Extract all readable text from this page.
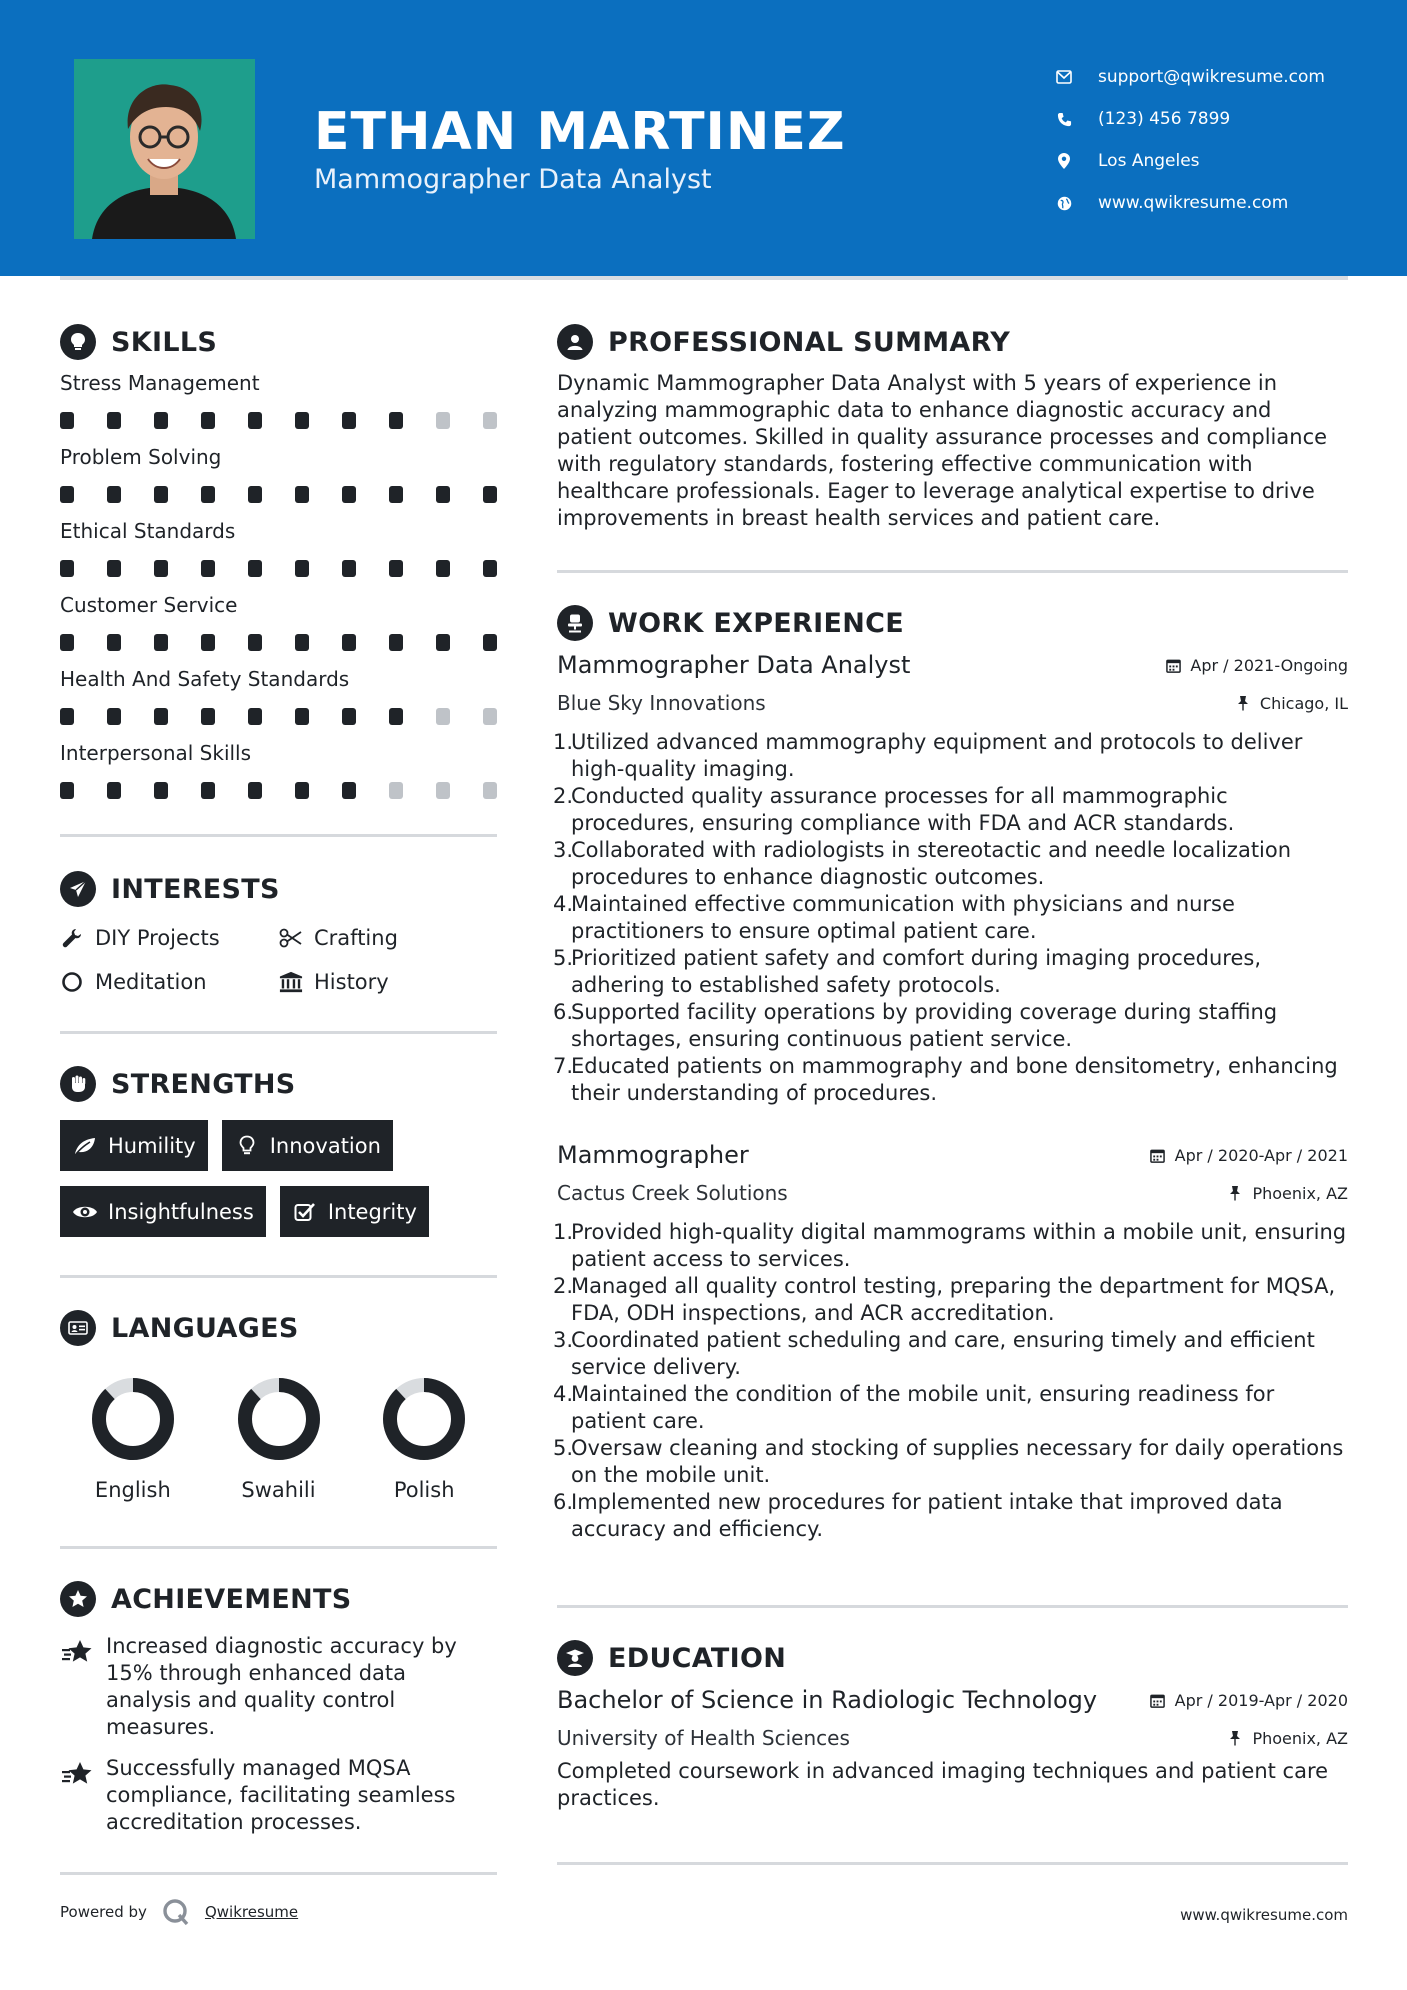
ETHAN MARTINEZ
Mammographer Data Analyst
support@qwikresume.com
(123) 456 7899
Los Angeles
www.qwikresume.com
SKILLS
Stress Management
Problem Solving
Ethical Standards
Customer Service
Health And Safety Standards
Interpersonal Skills
INTERESTS
DIY Projects	Crafting
Meditation	History
STRENGTHS
Humility	Innovation
Insightfulness	Integrity
LANGUAGES
English	Swahili	Polish
ACHIEVEMENTS
Increased diagnostic accuracy by 15% through enhanced data analysis and quality control measures.
Successfully managed MQSA compliance, facilitating seamless accreditation processes.
PROFESSIONAL SUMMARY

Dynamic Mammographer Data Analyst with 5 years of experience in analyzing mammographic data to enhance diagnostic accuracy and patient outcomes. Skilled in quality assurance processes and compliance with regulatory standards, fostering effective communication with healthcare professionals. Eager to leverage analytical expertise to drive improvements in breast health services and patient care.

WORK EXPERIENCE
Mammographer Data Analyst	Apr / 2021-Ongoing
Blue Sky Innovations	Chicago, IL
1.
Utilized advanced mammography equipment and protocols to deliver high-quality imaging.
2.
Conducted quality assurance processes for all mammographic procedures, ensuring compliance with FDA and ACR standards.
3.
Collaborated with radiologists in stereotactic and needle localization procedures to enhance diagnostic outcomes.
4.
Maintained effective communication with physicians and nurse practitioners to ensure optimal patient care.
5.
Prioritized patient safety and comfort during imaging procedures, adhering to established safety protocols.
6.
Supported facility operations by providing coverage during staffing shortages, ensuring continuous patient service.
7.
Educated patients on mammography and bone densitometry, enhancing their understanding of procedures.
Mammographer	Apr / 2020-Apr / 2021
Cactus Creek Solutions	Phoenix, AZ
1.
Provided high-quality digital mammograms within a mobile unit, ensuring patient access to services.
2.
Managed all quality control testing, preparing the department for MQSA, FDA, ODH inspections, and ACR accreditation.
3.
Coordinated patient scheduling and care, ensuring timely and efficient service delivery.
4.
Maintained the condition of the mobile unit, ensuring readiness for patient care.
5.
Oversaw cleaning and stocking of supplies necessary for daily operations on the mobile unit.
6.
Implemented new procedures for patient intake that improved data accuracy and efficiency.
EDUCATION
Bachelor of Science in Radiologic Technology	Apr / 2019-Apr / 2020
University of Health Sciences	Phoenix, AZ

Completed coursework in advanced imaging techniques and patient care practices.

Powered by	Qwikresume	www.qwikresume.com
